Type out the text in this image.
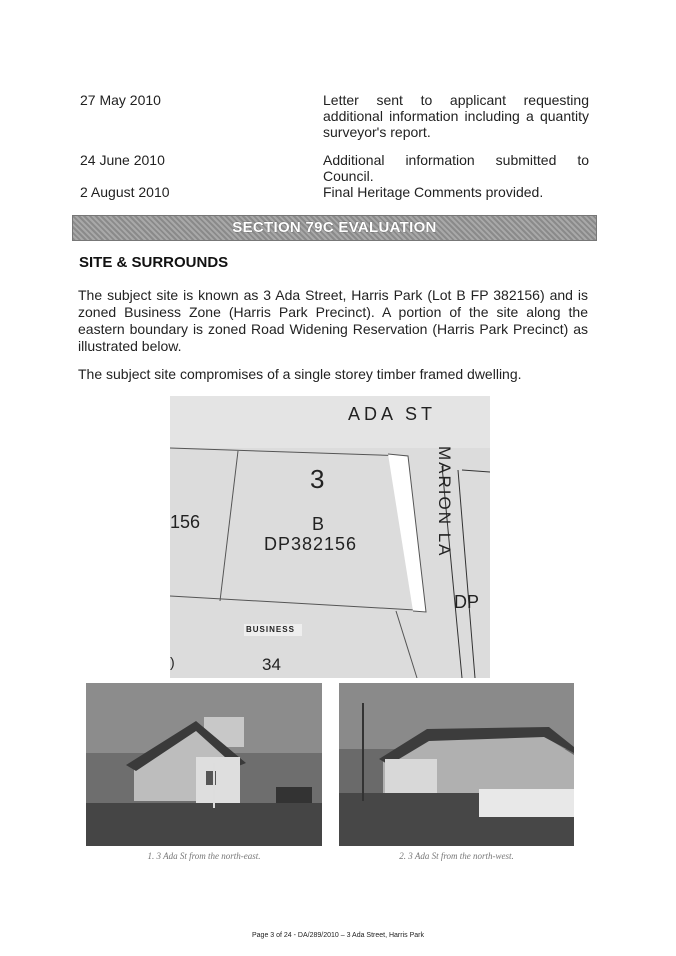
27 May 2010	Letter sent to applicant requesting additional information including a quantity surveyor's report.
24 June 2010	Additional information submitted to Council.
2 August 2010	Final Heritage Comments provided.
SECTION 79C EVALUATION
SITE & SURROUNDS
The subject site is known as 3 Ada Street, Harris Park (Lot B FP 382156) and is zoned Business Zone (Harris Park Precinct). A portion of the site along the eastern boundary is zoned Road Widening Reservation (Harris Park Precinct) as illustrated below.
The subject site compromises of a single storey timber framed dwelling.
ADA ST
MARION LA
3
156	B
DP382156
DP
BUSINESS
)	34
1. 3 Ada St from the north-east.	2. 3 Ada St from the north-west.
Page 3 of 24 - DA/289/2010 – 3 Ada Street, Harris Park
